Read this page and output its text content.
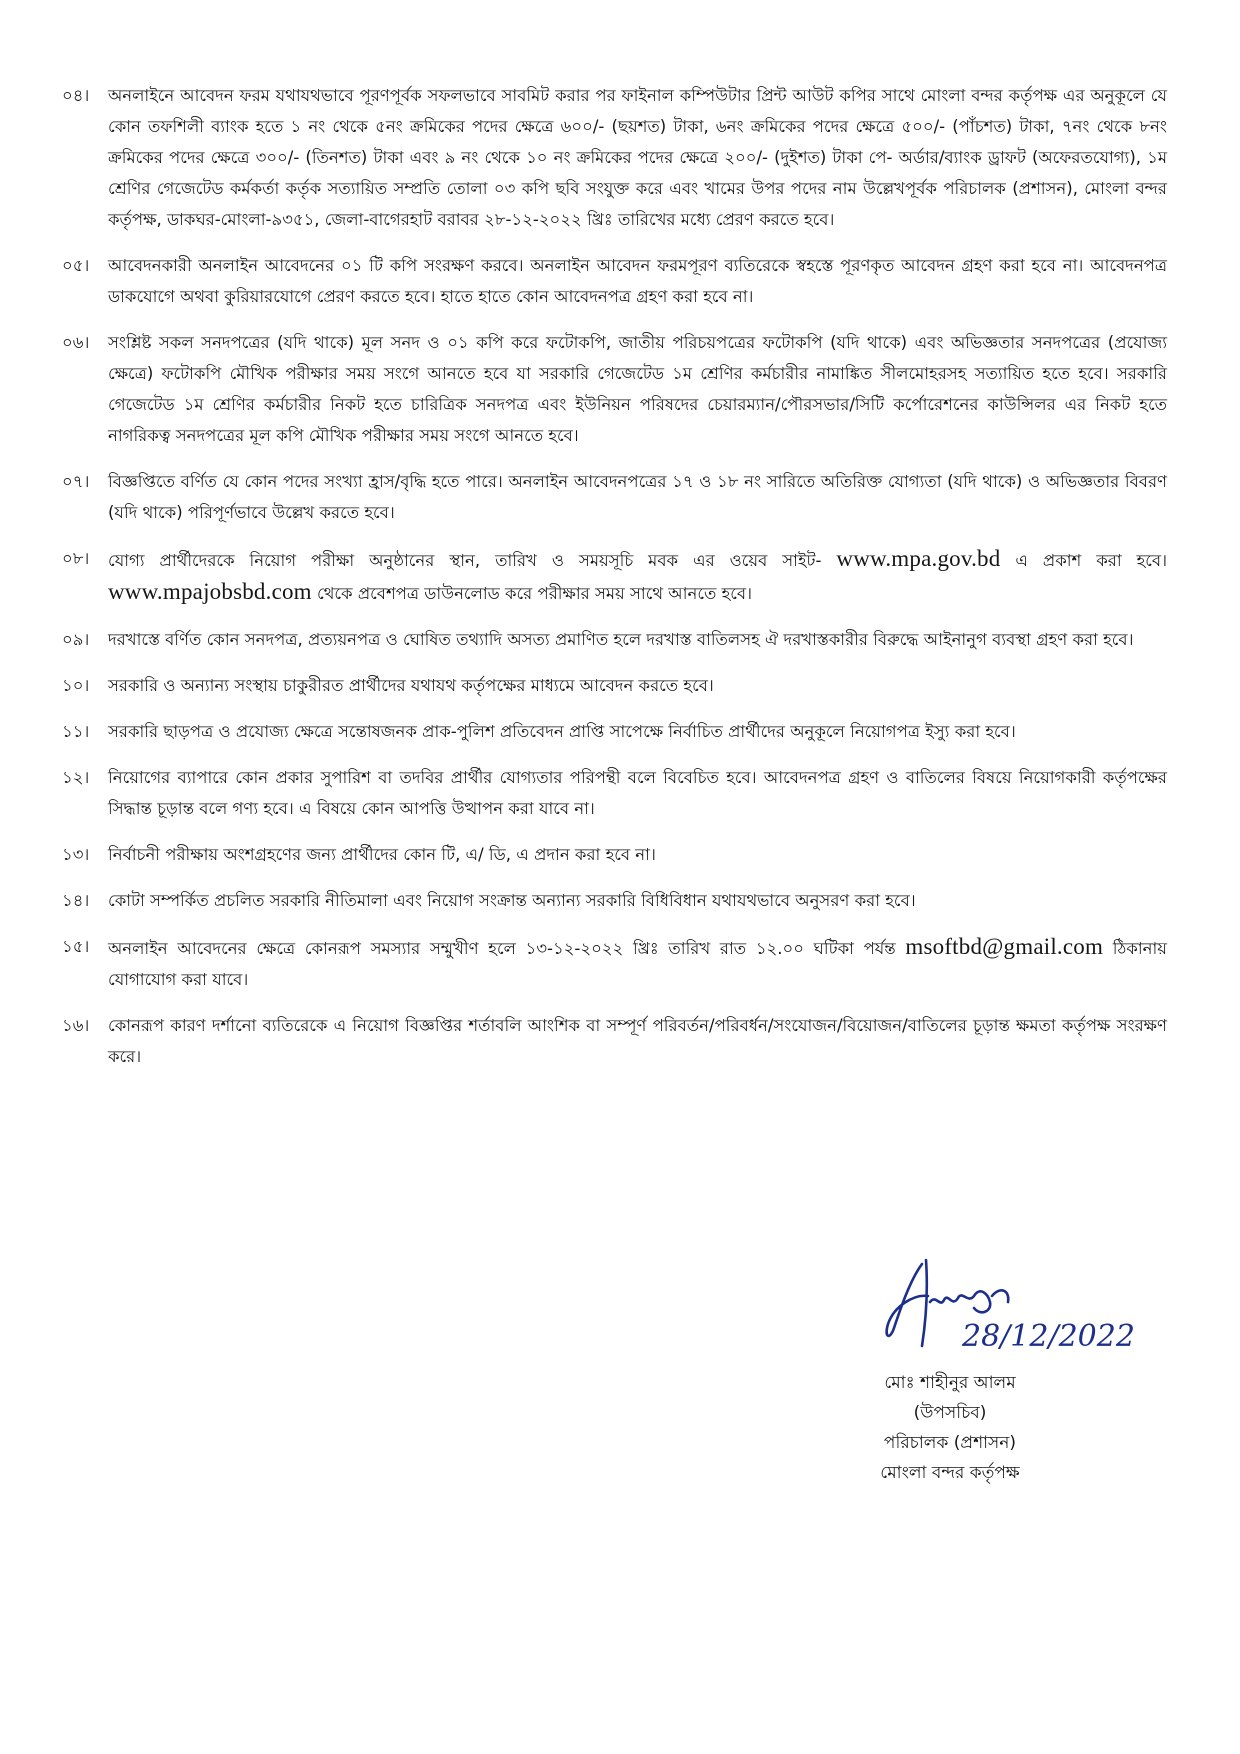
০৪।	অনলাইনে আবেদন ফরম যথাযথভাবে পূরণপূর্বক সফলভাবে সাবমিট করার পর ফাইনাল কম্পিউটার প্রিন্ট আউট কপির সাথে মোংলা বন্দর কর্তৃপক্ষ এর অনুকূলে যে কোন তফশিলী ব্যাংক হতে ১ নং থেকে ৫নং ক্রমিকের পদের ক্ষেত্রে ৬০০/- (ছয়শত) টাকা, ৬নং ক্রমিকের পদের ক্ষেত্রে ৫০০/- (পাঁচশত) টাকা, ৭নং থেকে ৮নং ক্রমিকের পদের ক্ষেত্রে ৩০০/- (তিনশত) টাকা এবং ৯ নং থেকে ১০ নং ক্রমিকের পদের ক্ষেত্রে ২০০/- (দুইশত) টাকা পে- অর্ডার/ব্যাংক ড্রাফট (অফেরতযোগ্য), ১ম শ্রেণির গেজেটেড কর্মকর্তা কর্তৃক সত্যায়িত সম্প্রতি তোলা ০৩ কপি ছবি সংযুক্ত করে এবং খামের উপর পদের নাম উল্লেখপূর্বক পরিচালক (প্রশাসন), মোংলা বন্দর কর্তৃপক্ষ, ডাকঘর-মোংলা-৯৩৫১, জেলা-বাগেরহাট বরাবর ২৮-১২-২০২২ খ্রিঃ তারিখের মধ্যে প্রেরণ করতে হবে।
০৫।	আবেদনকারী অনলাইন আবেদনের ০১ টি কপি সংরক্ষণ করবে। অনলাইন আবেদন ফরমপূরণ ব্যতিরেকে স্বহস্তে পূরণকৃত আবেদন গ্রহণ করা হবে না। আবেদনপত্র ডাকযোগে অথবা কুরিয়ারযোগে প্রেরণ করতে হবে। হাতে হাতে কোন আবেদনপত্র গ্রহণ করা হবে না।
০৬।	সংশ্লিষ্ট সকল সনদপত্রের (যদি থাকে) মূল সনদ ও ০১ কপি করে ফটোকপি, জাতীয় পরিচয়পত্রের ফটোকপি (যদি থাকে) এবং অভিজ্ঞতার সনদপত্রের (প্রযোজ্য ক্ষেত্রে) ফটোকপি মৌখিক পরীক্ষার সময় সংগে আনতে হবে যা সরকারি গেজেটেড ১ম শ্রেণির কর্মচারীর নামাঙ্কিত সীলমোহরসহ সত্যায়িত হতে হবে। সরকারি গেজেটেড ১ম শ্রেণির কর্মচারীর নিকট হতে চারিত্রিক সনদপত্র এবং ইউনিয়ন পরিষদের চেয়ারম্যান/পৌরসভার/সিটি কর্পোরেশনের কাউন্সিলর এর নিকট হতে নাগরিকত্ব সনদপত্রের মূল কপি মৌখিক পরীক্ষার সময় সংগে আনতে হবে।
০৭।	বিজ্ঞপ্তিতে বর্ণিত যে কোন পদের সংখ্যা হ্রাস/বৃদ্ধি হতে পারে। অনলাইন আবেদনপত্রের ১৭ ও ১৮ নং সারিতে অতিরিক্ত যোগ্যতা (যদি থাকে) ও অভিজ্ঞতার বিবরণ (যদি থাকে) পরিপূর্ণভাবে উল্লেখ করতে হবে।
০৮।	যোগ্য প্রার্থীদেরকে নিয়োগ পরীক্ষা অনুষ্ঠানের স্থান, তারিখ ও সময়সূচি মবক এর ওয়েব সাইট- www.mpa.gov.bd এ প্রকাশ করা হবে। www.mpajobsbd.com থেকে প্রবেশপত্র ডাউনলোড করে পরীক্ষার সময় সাথে আনতে হবে।
০৯।	দরখাস্তে বর্ণিত কোন সনদপত্র, প্রত্যয়নপত্র ও ঘোষিত তথ্যাদি অসত্য প্রমাণিত হলে দরখাস্ত বাতিলসহ ঐ দরখাস্তকারীর বিরুদ্ধে আইনানুগ ব্যবস্থা গ্রহণ করা হবে।
১০।	সরকারি ও অন্যান্য সংস্থায় চাকুরীরত প্রার্থীদের যথাযথ কর্তৃপক্ষের মাধ্যমে আবেদন করতে হবে।
১১।	সরকারি ছাড়পত্র ও প্রযোজ্য ক্ষেত্রে সন্তোষজনক প্রাক-পুলিশ প্রতিবেদন প্রাপ্তি সাপেক্ষে নির্বাচিত প্রার্থীদের অনুকূলে নিয়োগপত্র ইস্যু করা হবে।
১২।	নিয়োগের ব্যাপারে কোন প্রকার সুপারিশ বা তদবির প্রার্থীর যোগ্যতার পরিপন্থী বলে বিবেচিত হবে। আবেদনপত্র গ্রহণ ও বাতিলের বিষয়ে নিয়োগকারী কর্তৃপক্ষের সিদ্ধান্ত চূড়ান্ত বলে গণ্য হবে। এ বিষয়ে কোন আপত্তি উত্থাপন করা যাবে না।
১৩।	নির্বাচনী পরীক্ষায় অংশগ্রহণের জন্য প্রার্থীদের কোন টি, এ/ ডি, এ প্রদান করা হবে না।
১৪।	কোটা সম্পর্কিত প্রচলিত সরকারি নীতিমালা এবং নিয়োগ সংক্রান্ত অন্যান্য সরকারি বিধিবিধান যথাযথভাবে অনুসরণ করা হবে।
১৫।	অনলাইন আবেদনের ক্ষেত্রে কোনরূপ সমস্যার সম্মুখীণ হলে ১৩-১২-২০২২ খ্রিঃ তারিখ রাত ১২.০০ ঘটিকা পর্যন্ত msoftbd@gmail.com ঠিকানায় যোগাযোগ করা যাবে।
১৬।	কোনরূপ কারণ দর্শানো ব্যতিরেকে এ নিয়োগ বিজ্ঞপ্তির শর্তাবলি আংশিক বা সম্পূর্ণ পরিবর্তন/পরিবর্ধন/সংযোজন/বিয়োজন/বাতিলের চূড়ান্ত ক্ষমতা কর্তৃপক্ষ সংরক্ষণ করে।
28/12/2022
মোঃ শাহীনুর আলম
(উপসচিব)
পরিচালক (প্রশাসন)
মোংলা বন্দর কর্তৃপক্ষ
